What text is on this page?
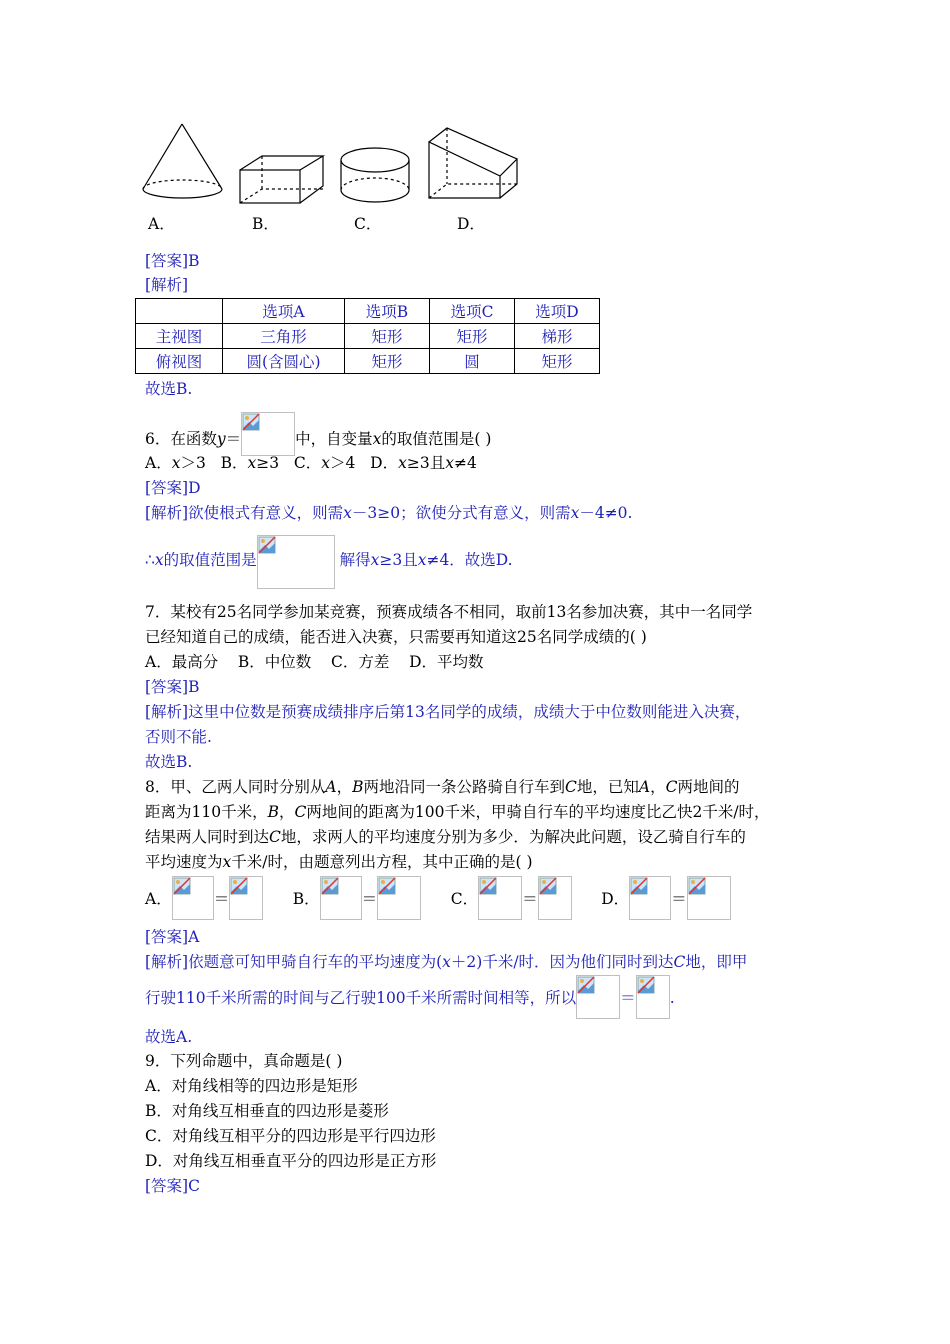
A．	B．	C．	D．
[答案]B
[解析]
	选项A	选项B	选项C	选项D
主视图	三角形	矩形	矩形	梯形
俯视图	圆(含圆心)	矩形	圆	矩形
故选B.
6．在函数y＝	中，自变量x的取值范围是( )
A．x＞3 B．x≥3 C．x＞4 D．x≥3且x≠4
[答案]D
[解析]欲使根式有意义，则需x－3≥0；欲使分式有意义，则需x－4≠0.
∴x的取值范围是	解得x≥3且x≠4．故选D.
7．某校有25名同学参加某竞赛，预赛成绩各不相同，取前13名参加决赛，其中一名同学
已经知道自己的成绩，能否进入决赛，只需要再知道这25名同学成绩的( )
A．最高分    B．中位数    C．方差    D．平均数
[答案]B
[解析]这里中位数是预赛成绩排序后第13名同学的成绩，成绩大于中位数则能进入决赛，
否则不能.
故选B.
8．甲、乙两人同时分别从A，B两地沿同一条公路骑自行车到C地，已知A，C两地间的
距离为110千米，B，C两地间的距离为100千米，甲骑自行车的平均速度比乙快2千米/时，
结果两人同时到达C地，求两人的平均速度分别为多少．为解决此问题，设乙骑自行车的
平均速度为x千米/时，由题意列出方程，其中正确的是( )
A．	＝	B．	＝	C．	＝	D．	＝
[答案]A
[解析]依题意可知甲骑自行车的平均速度为(x＋2)千米/时．因为他们同时到达C地，即甲
行驶110千米所需的时间与乙行驶100千米所需时间相等，所以	＝ .
故选A.
9．下列命题中，真命题是( )
A．对角线相等的四边形是矩形
B．对角线互相垂直的四边形是菱形
C．对角线互相平分的四边形是平行四边形
D．对角线互相垂直平分的四边形是正方形
[答案]C
